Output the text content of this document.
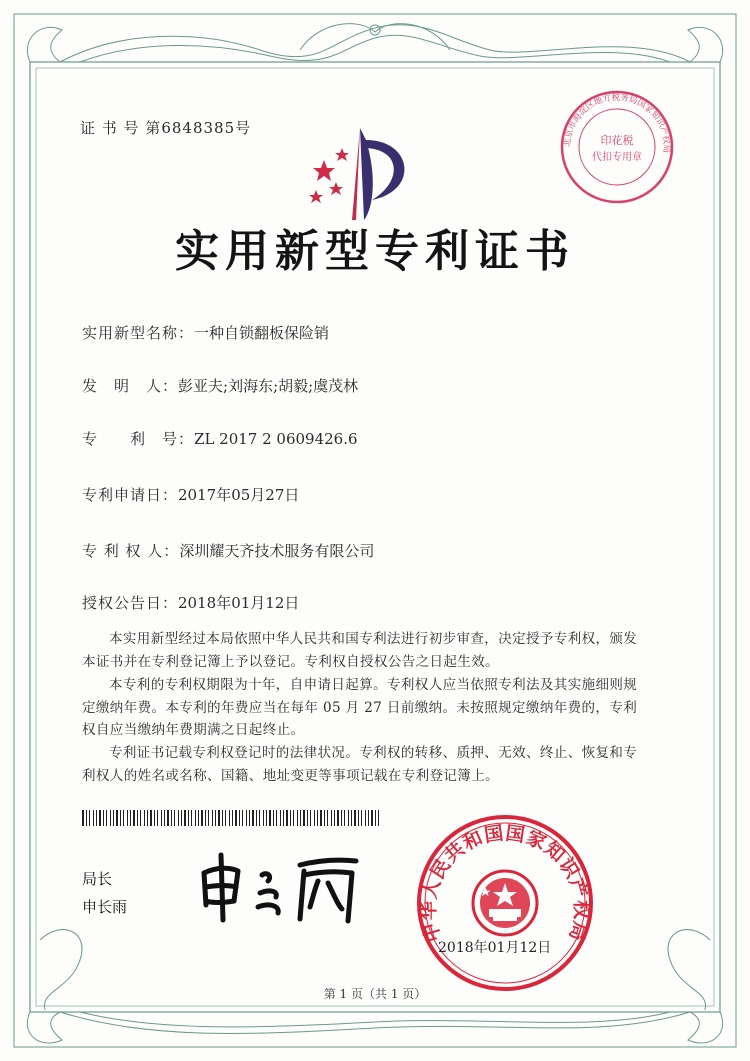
证 书 号 第6848385号
北京市海淀区地方税务局国家知识产权局
印花税
代扣专用章
实用新型专利证书
实用新型名称：一种自锁翻板保险销
发　明　人：彭亚夫;刘海东;胡毅;虞茂林
专　　利　号：ZL 2017 2 0609426.6
专利申请日：2017年05月27日
专 利 权 人：深圳耀天齐技术服务有限公司
授权公告日：2018年01月12日
本实用新型经过本局依照中华人民共和国专利法进行初步审查，决定授予专利权，颁发本证书并在专利登记簿上予以登记。专利权自授权公告之日起生效。
本专利的专利权期限为十年，自申请日起算。专利权人应当依照专利法及其实施细则规定缴纳年费。本专利的年费应当在每年 05 月 27 日前缴纳。未按照规定缴纳年费的，专利权自应当缴纳年费期满之日起终止。
专利证书记载专利权登记时的法律状况。专利权的转移、质押、无效、终止、恢复和专利权人的姓名或名称、国籍、地址变更等事项记载在专利登记簿上。
局长
申长雨
中华人民共和国国家知识产权局
2018年01月12日
第 1 页（共 1 页）
